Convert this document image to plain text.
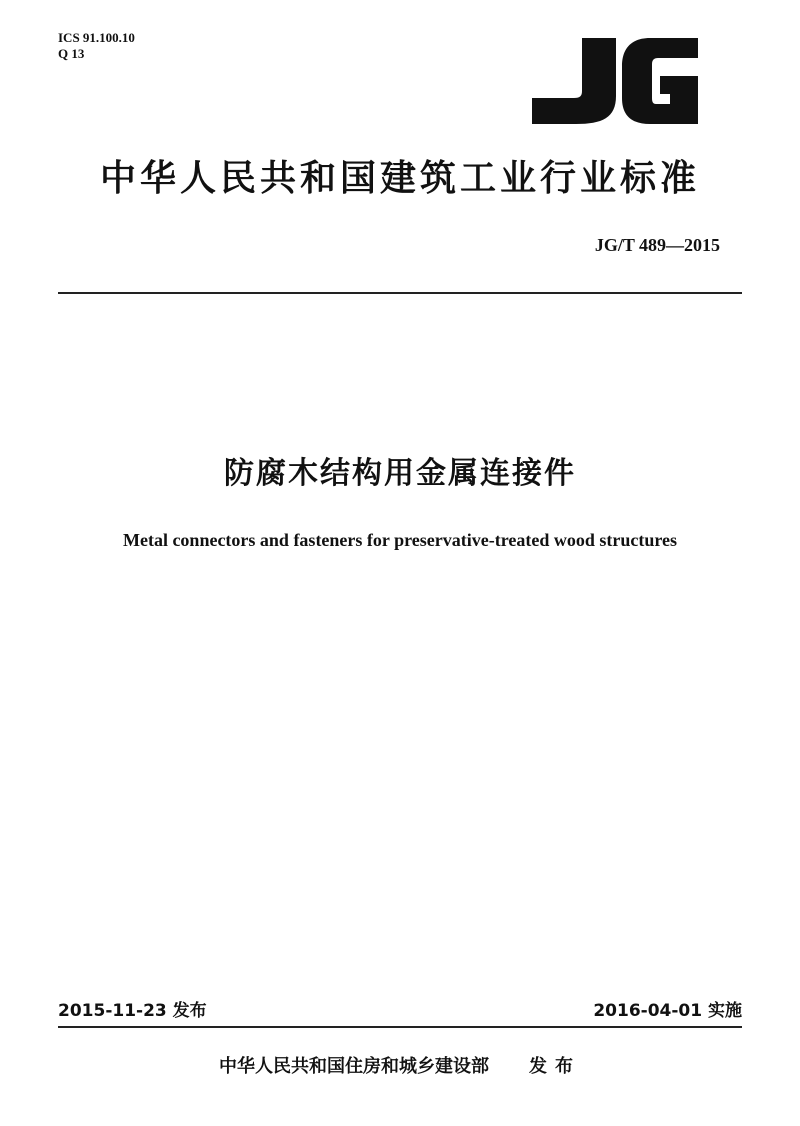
ICS 91.100.10
Q 13
中华人民共和国建筑工业行业标准
JG/T 489—2015
防腐木结构用金属连接件
Metal connectors and fasteners for preservative-treated wood structures
2015-11-23 发布	2016-04-01 实施
中华人民共和国住房和城乡建设部 发布
